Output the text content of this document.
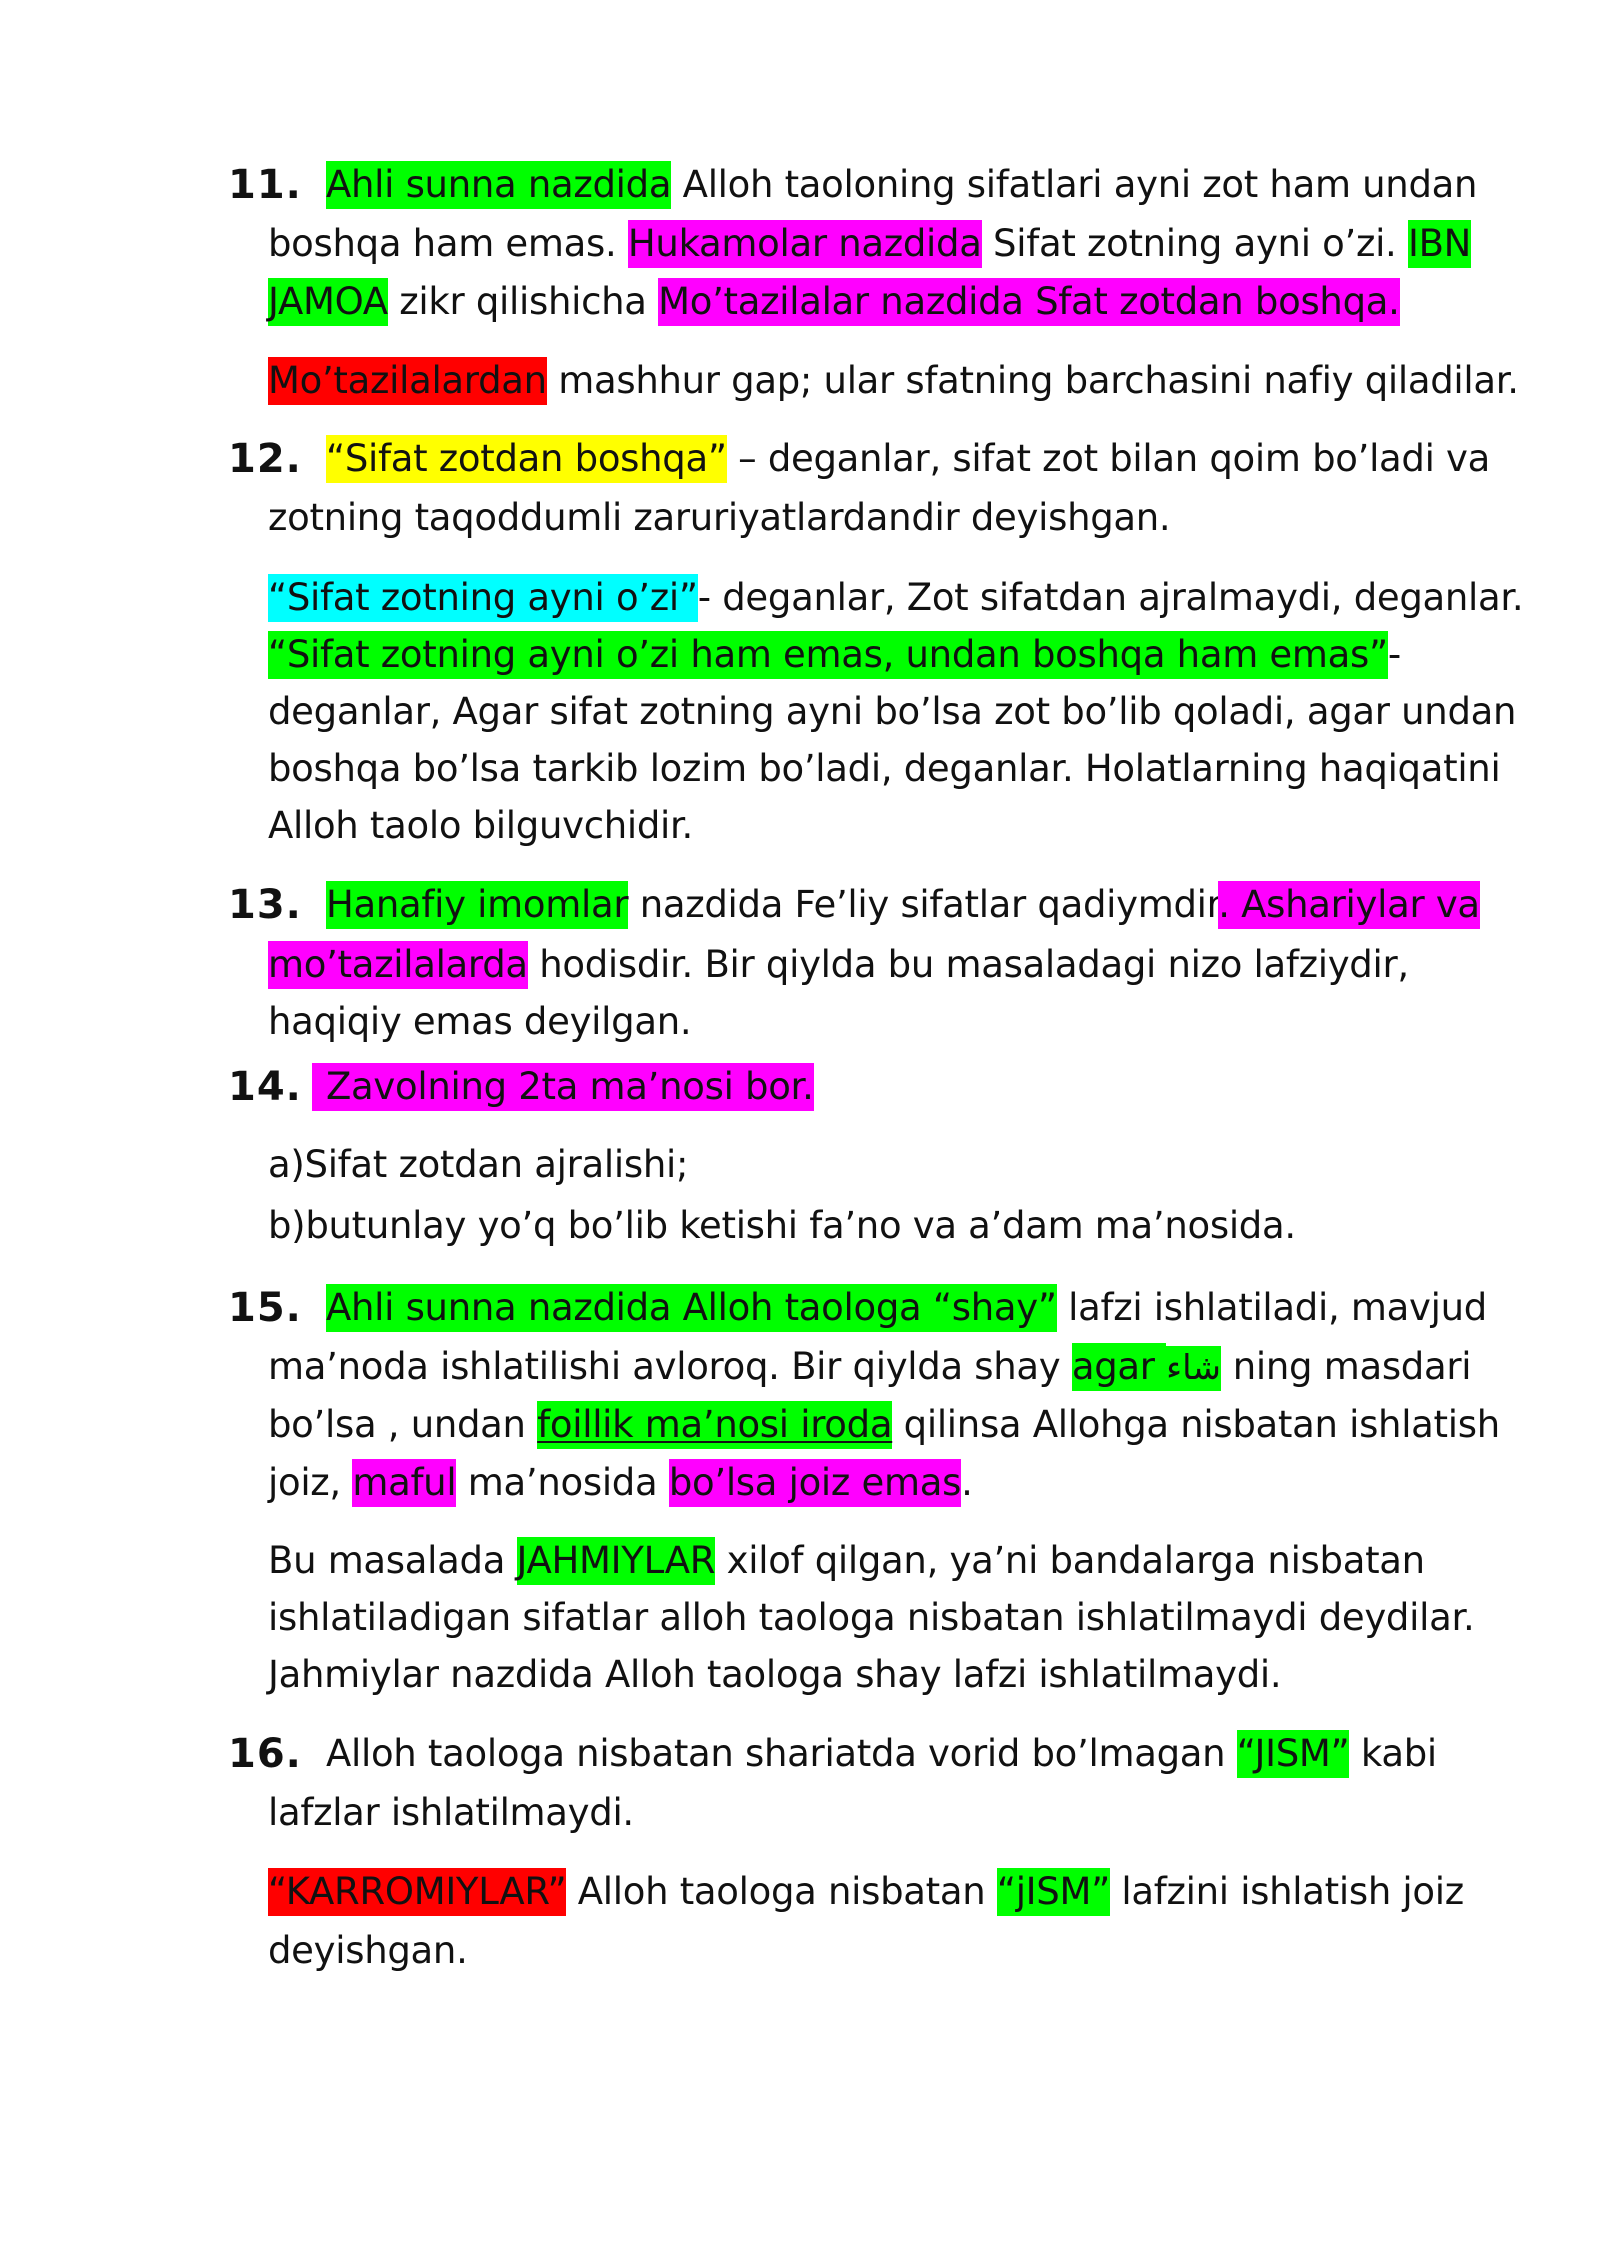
11. Ahli sunna nazdida Alloh taoloning sifatlari ayni zot ham undan
boshqa ham emas. Hukamolar nazdida Sifat zotning ayni o’zi. IBN
JAMOA zikr qilishicha Mo’tazilalar nazdida Sfat zotdan boshqa.
Mo’tazilalardan mashhur gap; ular sfatning barchasini nafiy qiladilar.
12. “Sifat zotdan boshqa” – deganlar, sifat zot bilan qoim bo’ladi va
zotning taqoddumli zaruriyatlardandir deyishgan.
“Sifat zotning ayni o’zi”- deganlar, Zot sifatdan ajralmaydi, deganlar.
“Sifat zotning ayni o’zi ham emas, undan boshqa ham emas”-
deganlar, Agar sifat zotning ayni bo’lsa zot bo’lib qoladi, agar undan
boshqa bo’lsa tarkib lozim bo’ladi, deganlar. Holatlarning haqiqatini
Alloh taolo bilguvchidir.
13. Hanafiy imomlar nazdida Fe’liy sifatlar qadiymdir. Ashariylar va
mo’tazilalarda hodisdir. Bir qiylda bu masaladagi nizo lafziydir,
haqiqiy emas deyilgan.
14. Zavolning 2ta ma’nosi bor.
a)Sifat zotdan ajralishi;
b)butunlay yo’q bo’lib ketishi fa’no va a’dam ma’nosida.
15. Ahli sunna nazdida Alloh taologa “shay” lafzi ishlatiladi, mavjud
ma’noda ishlatilishi avloroq. Bir qiylda shay agar شاء ning masdari
bo’lsa , undan foillik ma’nosi iroda qilinsa Allohga nisbatan ishlatish
joiz, maful ma’nosida bo’lsa joiz emas.
Bu masalada JAHMIYLAR xilof qilgan, ya’ni bandalarga nisbatan
ishlatiladigan sifatlar alloh taologa nisbatan ishlatilmaydi deydilar.
Jahmiylar nazdida Alloh taologa shay lafzi ishlatilmaydi.
16. Alloh taologa nisbatan shariatda vorid bo’lmagan “JISM” kabi
lafzlar ishlatilmaydi.
“KARROMIYLAR” Alloh taologa nisbatan “jISM” lafzini ishlatish joiz
deyishgan.
